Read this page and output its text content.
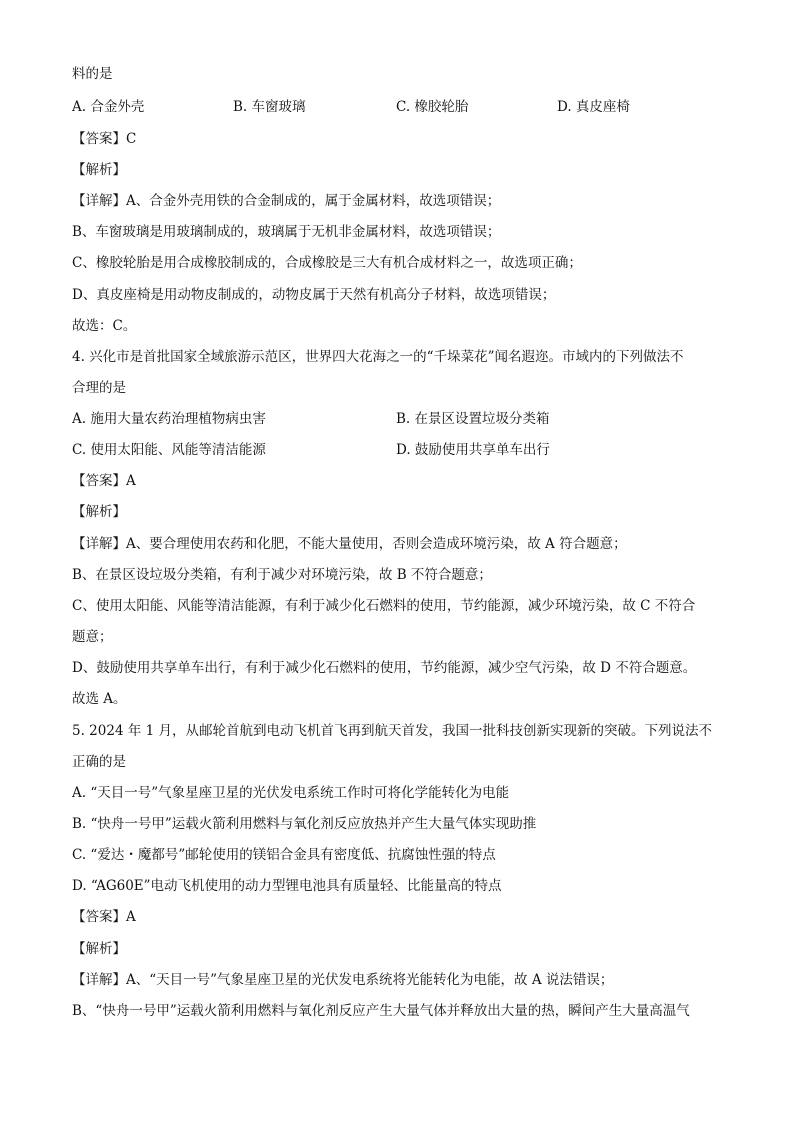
料的是
A. 合金外壳	B. 车窗玻璃	C. 橡胶轮胎	D. 真皮座椅
【答案】C
【解析】
【详解】A、合金外壳用铁的合金制成的，属于金属材料，故选项错误；
B、车窗玻璃是用玻璃制成的，玻璃属于无机非金属材料，故选项错误；
C、橡胶轮胎是用合成橡胶制成的，合成橡胶是三大有机合成材料之一，故选项正确；
D、真皮座椅是用动物皮制成的，动物皮属于天然有机高分子材料，故选项错误；
故选：C。
4. 兴化市是首批国家全域旅游示范区，世界四大花海之一的“千垛菜花”闻名遐迩。市域内的下列做法不
合理的是
A. 施用大量农药治理植物病虫害	B. 在景区设置垃圾分类箱
C. 使用太阳能、风能等清洁能源	D. 鼓励使用共享单车出行
【答案】A
【解析】
【详解】A、要合理使用农药和化肥，不能大量使用，否则会造成环境污染，故 A 符合题意；
B、在景区设垃圾分类箱，有利于减少对环境污染，故 B 不符合题意；
C、使用太阳能、风能等清洁能源，有利于减少化石燃料的使用，节约能源，减少环境污染，故 C 不符合
题意；
D、鼓励使用共享单车出行，有利于减少化石燃料的使用，节约能源，减少空气污染，故 D 不符合题意。
故选 A。
5. 2024 年 1 月，从邮轮首航到电动飞机首飞再到航天首发，我国一批科技创新实现新的突破。下列说法不
正确的是
A. “天目一号”气象星座卫星的光伏发电系统工作时可将化学能转化为电能
B. “快舟一号甲”运载火箭利用燃料与氧化剂反应放热并产生大量气体实现助推
C. “爱达・魔都号”邮轮使用的镁铝合金具有密度低、抗腐蚀性强的特点
D. “AG60E”电动飞机使用的动力型锂电池具有质量轻、比能量高的特点
【答案】A
【解析】
【详解】A、“天目一号”气象星座卫星的光伏发电系统将光能转化为电能，故 A 说法错误；
B、“快舟一号甲”运载火箭利用燃料与氧化剂反应产生大量气体并释放出大量的热，瞬间产生大量高温气
